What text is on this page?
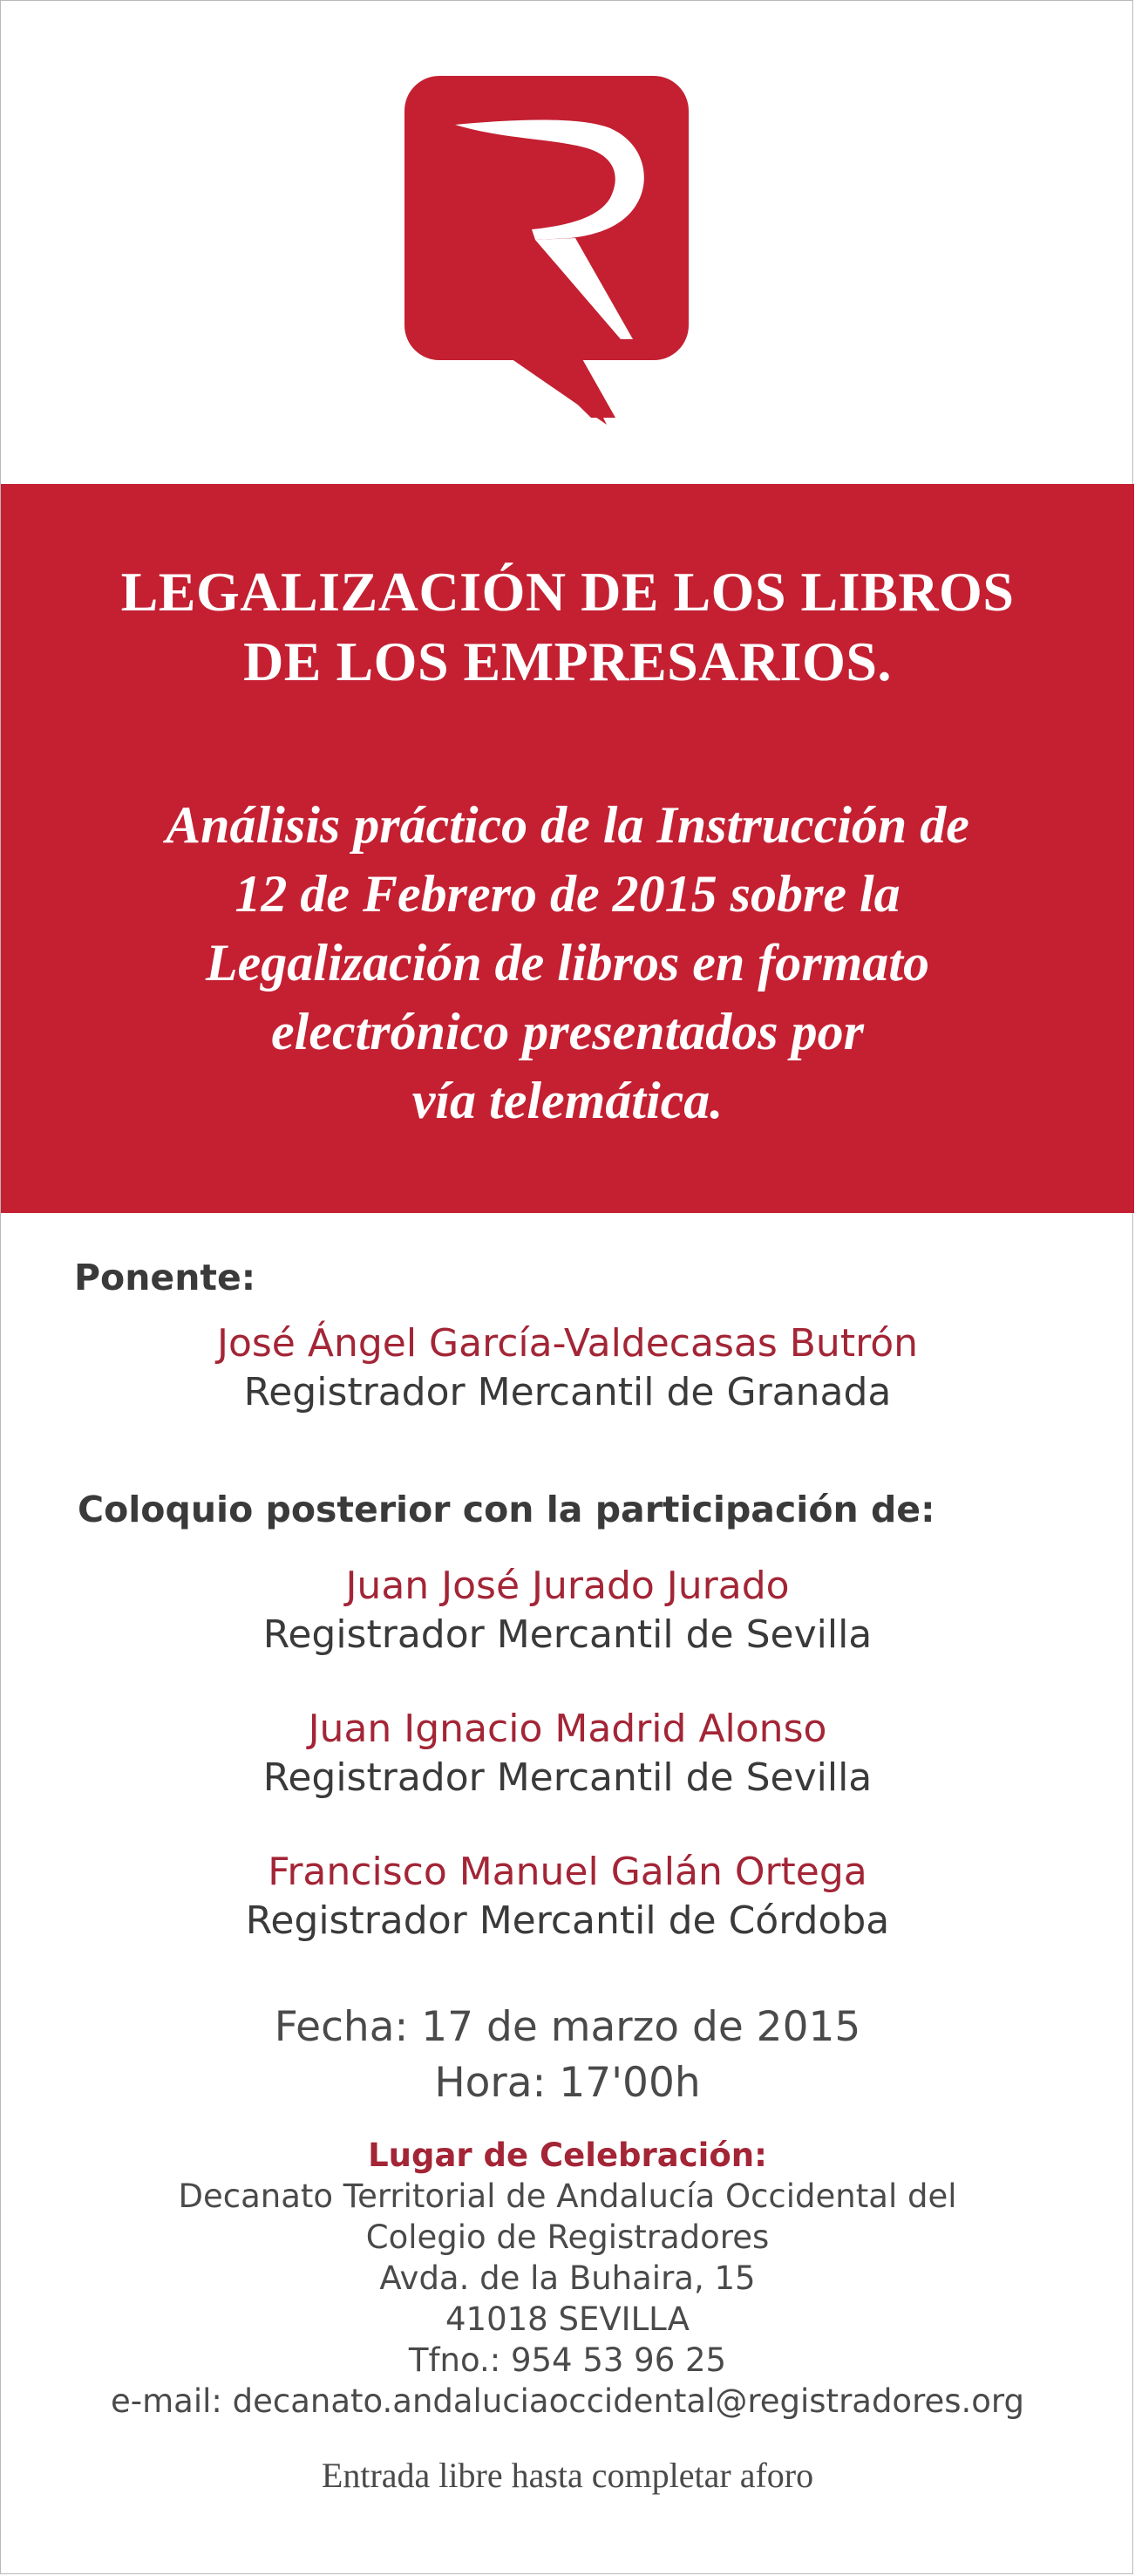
LEGALIZACIÓN DE LOS LIBROS
DE LOS EMPRESARIOS.
Análisis práctico de la Instrucción de
12 de Febrero de 2015 sobre la
Legalización de libros en formato
electrónico presentados por
vía telemática.
Ponente:
José Ángel García-Valdecasas Butrón
Registrador Mercantil de Granada
Coloquio posterior con la participación de:
Juan José Jurado Jurado
Registrador Mercantil de Sevilla
Juan Ignacio Madrid Alonso
Registrador Mercantil de Sevilla
Francisco Manuel Galán Ortega
Registrador Mercantil de Córdoba
Fecha: 17 de marzo de 2015
Hora: 17'00h
Lugar de Celebración:
Decanato Territorial de Andalucía Occidental del
Colegio de Registradores
Avda. de la Buhaira, 15
41018 SEVILLA
Tfno.: 954 53 96 25
e-mail: decanato.andaluciaoccidental@registradores.org
Entrada libre hasta completar aforo
